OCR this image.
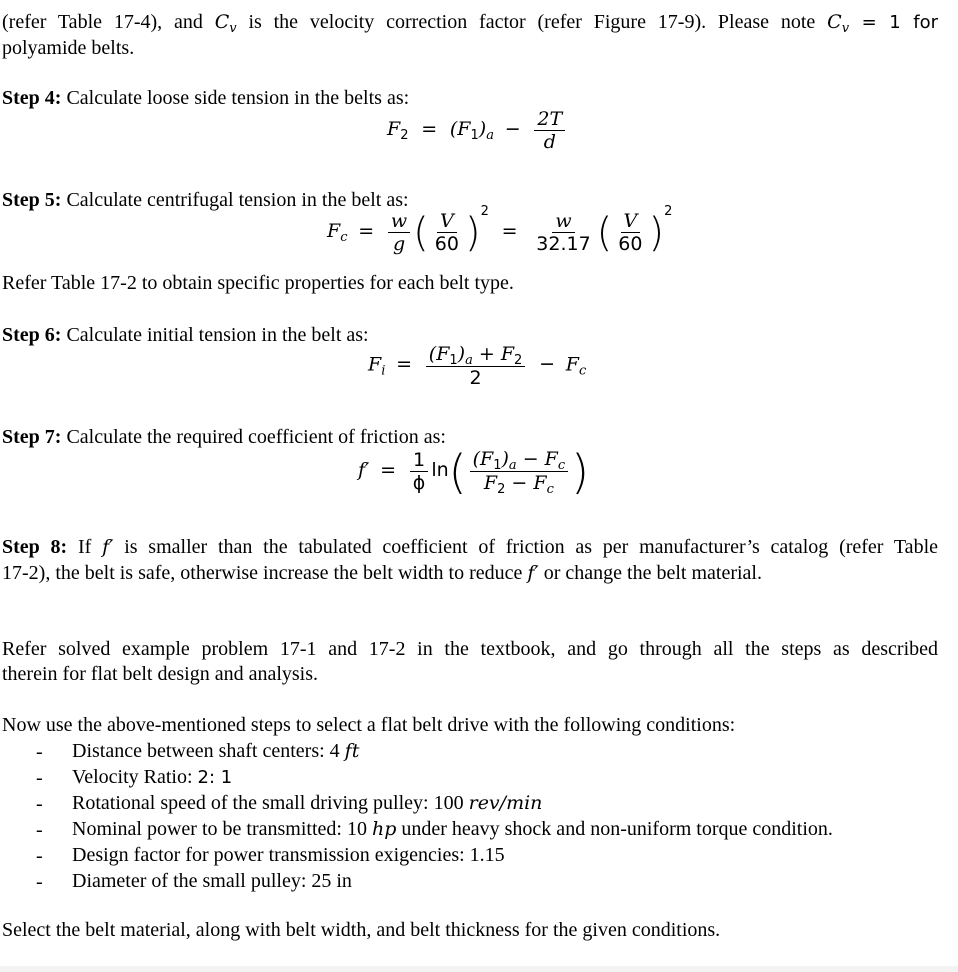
(refer Table 17-4), and $C_v$ is the velocity correction factor (refer Figure 17-9). Please note $C_v = 1$ for
polyamide belts.
Step 4: Calculate loose side tension in the belts as:
$F_2 = (F_1)_a - \frac{2T}{d}$
Step 5: Calculate centrifugal tension in the belt as:
$F_c = \frac{w}{g}$ ( $\frac{V}{60} )^2 = \frac{w}{32.17}$ ( $\frac{V}{60} )^2$
Refer Table 17-2 to obtain specific properties for each belt type.
Step 6: Calculate initial tension in the belt as:
$F_i = \frac{(F_1)_a + F_2}{2} - F_c$
Step 7: Calculate the required coefficient of friction as:
$f' = \frac{1}{\phi} \ln( \frac{(F_1)_a - F_c}{F_2 - F_c}$ )
Step 8: If f′ is smaller than the tabulated coefficient of friction as per manufacturer’s catalog (refer Table
17-2), the belt is safe, otherwise increase the belt width to reduce f′ or change the belt material.
Refer solved example problem 17-1 and 17-2 in the textbook, and go through all the steps as described
therein for flat belt design and analysis.
Now use the above-mentioned steps to select a flat belt drive with the following conditions:
- Distance between shaft centers: 4 ft
- Velocity Ratio: 2: 1
- Rotational speed of the small driving pulley: 100 rev/min
- Nominal power to be transmitted: 10 hp under heavy shock and non-uniform torque condition.
- Design factor for power transmission exigencies: 1.15
- Diameter of the small pulley: 25 in
Select the belt material, along with belt width, and belt thickness for the given conditions.
